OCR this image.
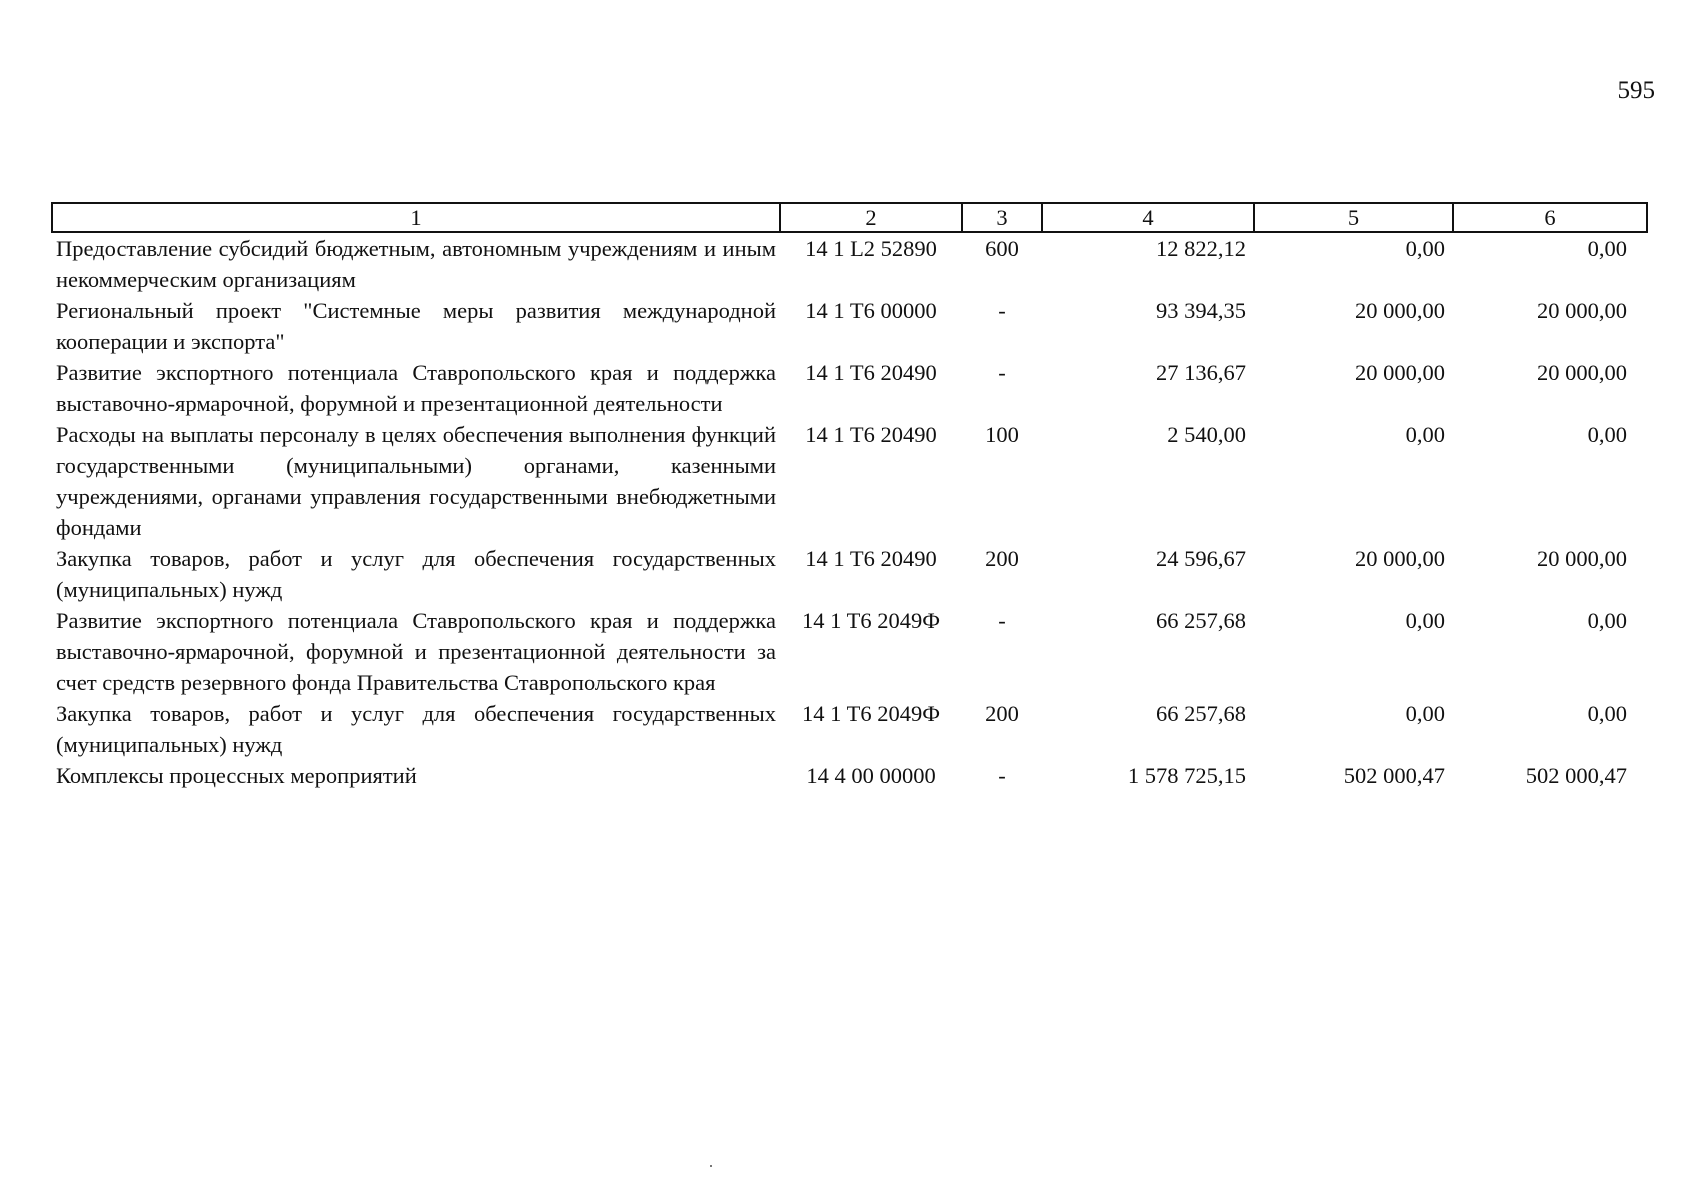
595
1	2	3	4	5	6
Предоставление субсидий бюджетным, автономным учреждениям и иным некоммерческим организациям	14 1 L2 52890	600	12 822,12	0,00	0,00
Региональный проект "Системные меры развития международной кооперации и экспорта"	14 1 T6 00000	-	93 394,35	20 000,00	20 000,00
Развитие экспортного потенциала Ставропольского края и поддержка выставочно-ярмарочной, форумной и презентационной деятельности	14 1 T6 20490	-	27 136,67	20 000,00	20 000,00
Расходы на выплаты персоналу в целях обеспечения выполнения функций государственными (муниципальными) органами, казенными учреждениями, органами управления государственными внебюджетными фондами	14 1 T6 20490	100	2 540,00	0,00	0,00
Закупка товаров, работ и услуг для обеспечения государственных (муниципальных) нужд	14 1 T6 20490	200	24 596,67	20 000,00	20 000,00
Развитие экспортного потенциала Ставропольского края и поддержка выставочно-ярмарочной, форумной и презентационной деятельности за счет средств резервного фонда Правительства Ставропольского края	14 1 T6 2049Ф	-	66 257,68	0,00	0,00
Закупка товаров, работ и услуг для обеспечения государственных (муниципальных) нужд	14 1 T6 2049Ф	200	66 257,68	0,00	0,00
Комплексы процессных мероприятий	14 4 00 00000	-	1 578 725,15	502 000,47	502 000,47
